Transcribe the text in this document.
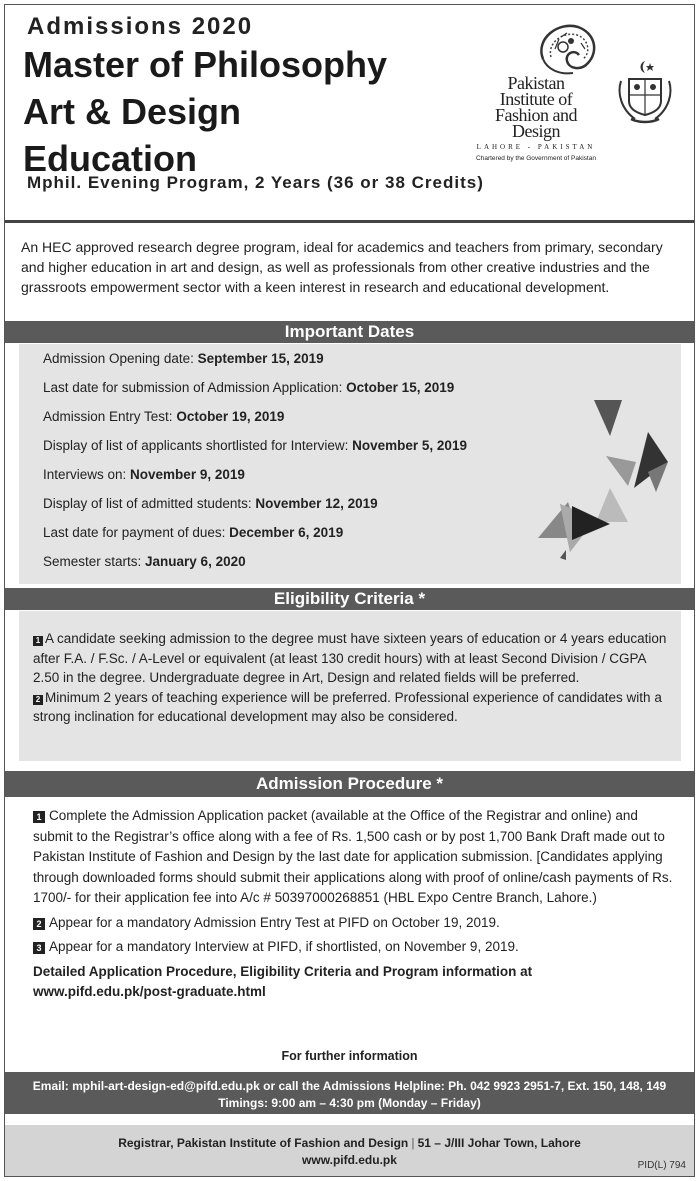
Admissions 2020
Master of Philosophy
Art & Design
Education
Mphil. Evening Program, 2 Years (36 or 38 Credits)
Pakistan
Institute of
Fashion and
Design
LAHORE - PAKISTAN
Chartered by the Government of Pakistan
An HEC approved research degree program, ideal for academics and teachers from primary, secondary and higher education in art and design, as well as professionals from other creative industries and the grassroots empowerment sector with a keen interest in research and educational development.
Important Dates
Admission Opening date: September 15, 2019
Last date for submission of Admission Application: October 15, 2019
Admission Entry Test: October 19, 2019
Display of list of applicants shortlisted for Interview: November 5, 2019
Interviews on: November 9, 2019
Display of list of admitted students: November 12, 2019
Last date for payment of dues: December 6, 2019
Semester starts: January 6, 2020
Eligibility Criteria *
1 A candidate seeking admission to the degree must have sixteen years of education or 4 years education after F.A. / F.Sc. / A-Level or equivalent (at least 130 credit hours) with at least Second Division / CGPA 2.50 in the degree. Undergraduate degree in Art, Design and related fields will be preferred.
2 Minimum 2 years of teaching experience will be preferred. Professional experience of candidates with a strong inclination for educational development may also be considered.
Admission Procedure *

1 Complete the Admission Application packet (available at the Office of the Registrar and online) and submit to the Registrar’s office along with a fee of Rs. 1,500 cash or by post 1,700 Bank Draft made out to Pakistan Institute of Fashion and Design by the last date for application submission. [Candidates applying through downloaded forms should submit their applications along with proof of online/cash payments of Rs. 1700/- for their application fee into A/c # 50397000268851 (HBL Expo Centre Branch, Lahore.)

2 Appear for a mandatory Admission Entry Test at PIFD on October 19, 2019.

3 Appear for a mandatory Interview at PIFD, if shortlisted, on November 9, 2019.

Detailed Application Procedure, Eligibility Criteria and Program information at
www.pifd.edu.pk/post-graduate.html

For further information
Email: mphil-art-design-ed@pifd.edu.pk or call the Admissions Helpline: Ph. 042 9923 2951-7, Ext. 150, 148, 149
Timings: 9:00 am – 4:30 pm (Monday – Friday)
Registrar, Pakistan Institute of Fashion and Design | 51 – J/III Johar Town, Lahore
www.pifd.edu.pk	PID(L) 794
